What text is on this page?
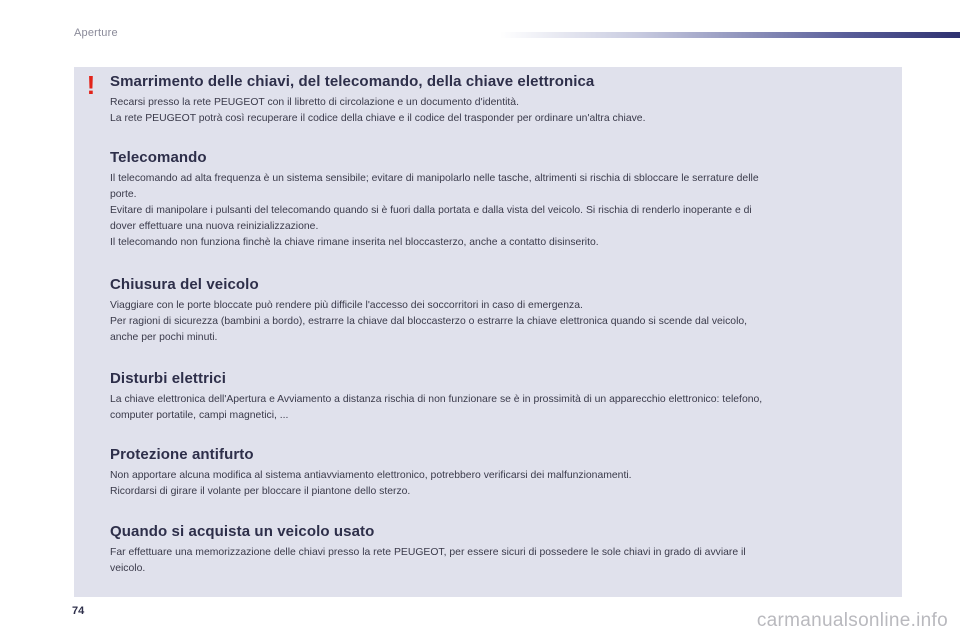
Aperture
! Smarrimento delle chiavi, del telecomando, della chiave elettronica

Recarsi presso la rete PEUGEOT con il libretto di circolazione e un documento d'identità.

La rete PEUGEOT potrà così recuperare il codice della chiave e il codice del trasponder per ordinare un'altra chiave.

Telecomando

Il telecomando ad alta frequenza è un sistema sensibile; evitare di manipolarlo nelle tasche, altrimenti si rischia di sbloccare le serrature delle

porte.

Evitare di manipolare i pulsanti del telecomando quando si è fuori dalla portata e dalla vista del veicolo. Si rischia di renderlo inoperante e di

dover effettuare una nuova reinizializzazione.

Il telecomando non funziona finchè la chiave rimane inserita nel bloccasterzo, anche a contatto disinserito.

Chiusura del veicolo

Viaggiare con le porte bloccate può rendere più difficile l'accesso dei soccorritori in caso di emergenza.

Per ragioni di sicurezza (bambini a bordo), estrarre la chiave dal bloccasterzo o estrarre la chiave elettronica quando si scende dal veicolo,

anche per pochi minuti.

Disturbi elettrici

La chiave elettronica dell'Apertura e Avviamento a distanza rischia di non funzionare se è in prossimità di un apparecchio elettronico: telefono,

computer portatile, campi magnetici, ...

Protezione antifurto

Non apportare alcuna modifica al sistema antiavviamento elettronico, potrebbero verificarsi dei malfunzionamenti.

Ricordarsi di girare il volante per bloccare il piantone dello sterzo.

Quando si acquista un veicolo usato

Far effettuare una memorizzazione delle chiavi presso la rete PEUGEOT, per essere sicuri di possedere le sole chiavi in grado di avviare il

veicolo.

74	carmanualsonline.info
